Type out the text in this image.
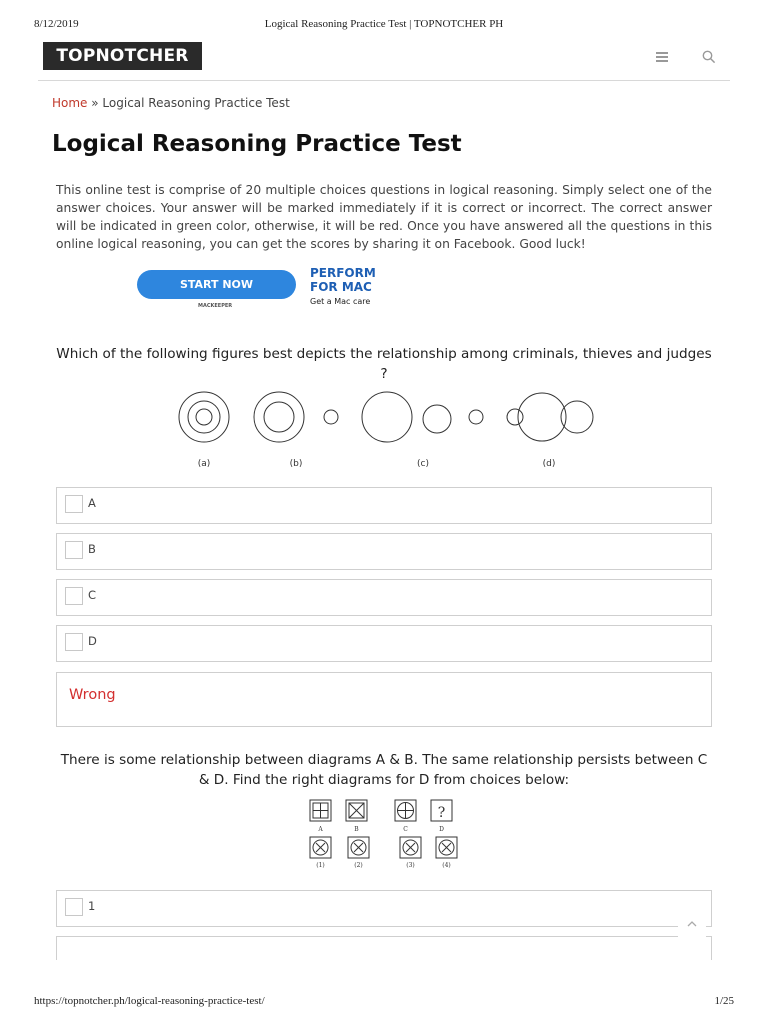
8/12/2019	Logical Reasoning Practice Test | TOPNOTCHER PH
TOPNOTCHER
Home » Logical Reasoning Practice Test
Logical Reasoning Practice Test

This online test is comprise of 20 multiple choices questions in logical reasoning. Simply select one of the answer choices. Your answer will be marked immediately if it is correct or incorrect. The correct answer will be indicated in green color, otherwise, it will be red. Once you have answered all the questions in this online logical reasoning, you can get the scores by sharing it on Facebook. Good luck!

START NOW
MACKEEPER
PERFORM
FOR MAC
Get a Mac care
Which of the following figures best depicts the relationship among criminals, thieves and judges ?
(a)	(b)	(c)	(d)
A
B
C
D
Wrong
There is some relationship between diagrams A & B. The same relationship persists between C & D. Find the right diagrams for D from choices below:
?
A	B	C	D
(1)	(2)	(3)	(4)
1
https://topnotcher.ph/logical-reasoning-practice-test/	1/25
